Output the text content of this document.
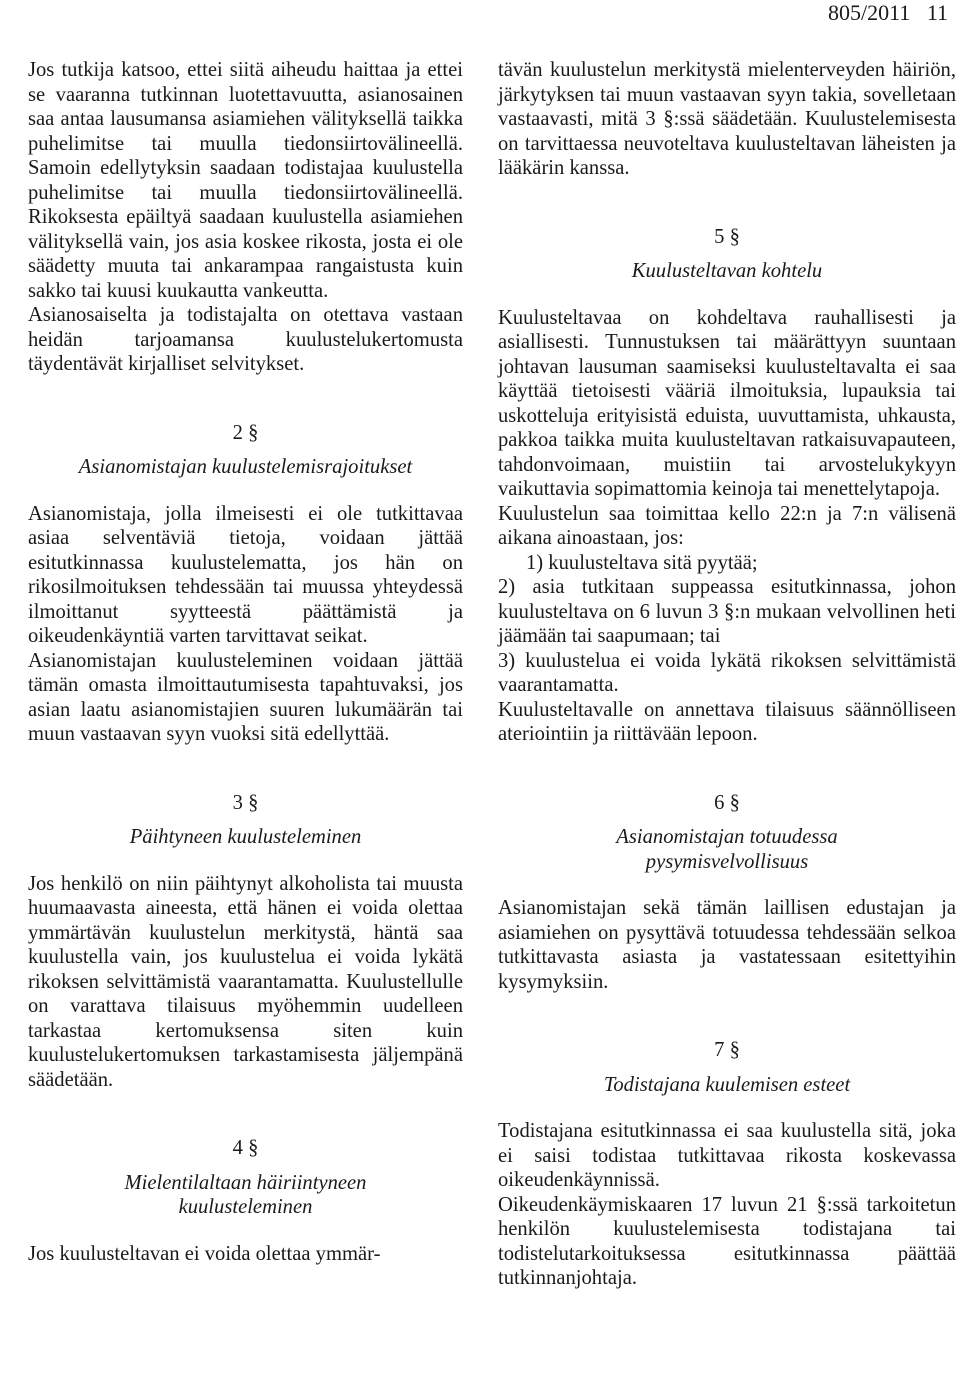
805/2011 11

Jos tutkija katsoo, ettei siitä aiheudu haittaa ja ettei se vaaranna tutkinnan luotettavuutta, asianosainen saa antaa lausumansa asiamiehen välityksellä taikka puhelimitse tai muulla tiedonsiirtovälineellä. Samoin edellytyksin saadaan todistajaa kuulustella puhelimitse tai muulla tiedonsiirtovälineellä. Rikoksesta epäiltyä saadaan kuulustella asiamiehen välityksellä vain, jos asia koskee rikosta, josta ei ole säädetty muuta tai ankarampaa rangaistusta kuin sakko tai kuusi kuukautta vankeutta.

Asianosaiselta ja todistajalta on otettava vastaan heidän tarjoamansa kuulustelukertomusta täydentävät kirjalliset selvitykset.

2 §
Asianomistajan kuulustelemisrajoitukset

Asianomistaja, jolla ilmeisesti ei ole tutkittavaa asiaa selventäviä tietoja, voidaan jättää esitutkinnassa kuulustelematta, jos hän on rikosilmoituksen tehdessään tai muussa yhteydessä ilmoittanut syytteestä päättämistä ja oikeudenkäyntiä varten tarvittavat seikat.

Asianomistajan kuulusteleminen voidaan jättää tämän omasta ilmoittautumisesta tapahtuvaksi, jos asian laatu asianomistajien suuren lukumäärän tai muun vastaavan syyn vuoksi sitä edellyttää.

3 §
Päihtyneen kuulusteleminen

Jos henkilö on niin päihtynyt alkoholista tai muusta huumaavasta aineesta, että hänen ei voida olettaa ymmärtävän kuulustelun merkitystä, häntä saa kuulustella vain, jos kuulustelua ei voida lykätä rikoksen selvittämistä vaarantamatta. Kuulustellulle on varattava tilaisuus myöhemmin uudelleen tarkastaa kertomuksensa siten kuin kuulustelukertomuksen tarkastamisesta jäljempänä säädetään.

4 §
Mielentilaltaan häiriintyneen
kuulusteleminen

Jos kuulusteltavan ei voida olettaa ymmär-

tävän kuulustelun merkitystä mielenterveyden häiriön, järkytyksen tai muun vastaavan syyn takia, sovelletaan vastaavasti, mitä 3 §:ssä säädetään. Kuulustelemisesta on tarvittaessa neuvoteltava kuulusteltavan läheisten ja lääkärin kanssa.

5 §
Kuulusteltavan kohtelu

Kuulusteltavaa on kohdeltava rauhallisesti ja asiallisesti. Tunnustuksen tai määrättyyn suuntaan johtavan lausuman saamiseksi kuulusteltavalta ei saa käyttää tietoisesti vääriä ilmoituksia, lupauksia tai uskotteluja erityisistä eduista, uuvuttamista, uhkausta, pakkoa taikka muita kuulusteltavan ratkaisuvapauteen, tahdonvoimaan, muistiin tai arvostelukykyyn vaikuttavia sopimattomia keinoja tai menettelytapoja.

Kuulustelun saa toimittaa kello 22:n ja 7:n välisenä aikana ainoastaan, jos:

1) kuulusteltava sitä pyytää;

2) asia tutkitaan suppeassa esitutkinnassa, johon kuulusteltava on 6 luvun 3 §:n mukaan velvollinen heti jäämään tai saapumaan; tai

3) kuulustelua ei voida lykätä rikoksen selvittämistä vaarantamatta.

Kuulusteltavalle on annettava tilaisuus säännölliseen ateriointiin ja riittävään lepoon.

6 §
Asianomistajan totuudessa
pysymisvelvollisuus

Asianomistajan sekä tämän laillisen edustajan ja asiamiehen on pysyttävä totuudessa tehdessään selkoa tutkittavasta asiasta ja vastatessaan esitettyihin kysymyksiin.

7 §
Todistajana kuulemisen esteet

Todistajana esitutkinnassa ei saa kuulustella sitä, joka ei saisi todistaa tutkittavaa rikosta koskevassa oikeudenkäynnissä.

Oikeudenkäymiskaaren 17 luvun 21 §:ssä tarkoitetun henkilön kuulustelemisesta todistajana tai todistelutarkoituksessa esitutkinnassa päättää tutkinnanjohtaja.
